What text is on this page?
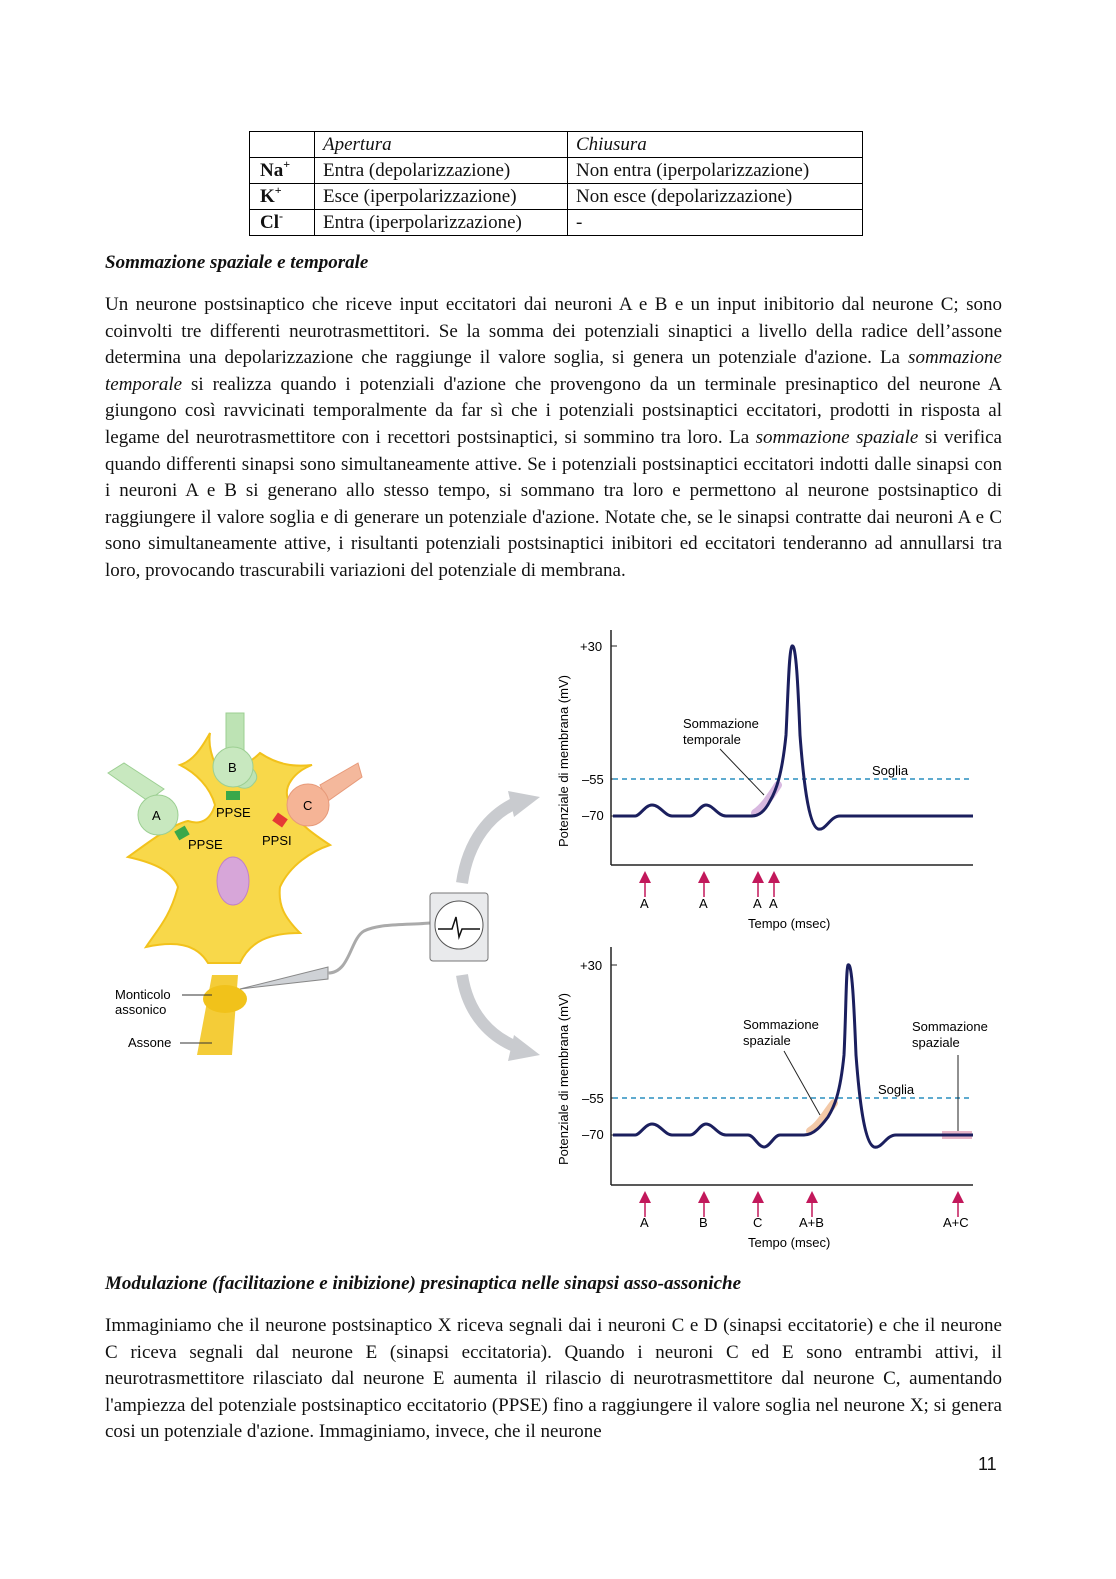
	Apertura	Chiusura
Na+	Entra (depolarizzazione)	Non entra (iperpolarizzazione)
K+	Esce (iperpolarizzazione)	Non esce (depolarizzazione)
Cl-	Entra (iperpolarizzazione)	-
Sommazione spaziale e temporale

Un neurone postsinaptico che riceve input eccitatori dai neuroni A e B e un input inibitorio dal neurone C; sono coinvolti tre differenti neurotrasmettitori. Se la somma dei potenziali sinaptici a livello della radice dell’assone determina una depolarizzazione che raggiunge il valore soglia, si genera un potenziale d'azione. La sommazione temporale si realizza quando i potenziali d'azione che provengono da un terminale presinaptico del neurone A giungono così ravvicinati temporalmente da far sì che i potenziali postsinaptici eccitatori, prodotti in risposta al legame del neurotrasmettitore con i recettori postsinaptici, si sommino tra loro. La sommazione spaziale si verifica quando differenti sinapsi sono simultaneamente attive. Se i potenziali postsinaptici eccitatori indotti dalle sinapsi con i neuroni A e B si generano allo stesso tempo, si sommano tra loro e permettono al neurone postsinaptico di raggiungere il valore soglia e di generare un potenziale d'azione. Notate che, se le sinapsi contratte dai neuroni A e C sono simultaneamente attive, i risultanti potenziali postsinaptici inibitori ed eccitatori tenderanno ad annullarsi tra loro, provocando trascurabili variazioni del potenziale di membrana.

B
A
C
PPSE
PPSE	PPSI
Monticolo
assonico
Assone
Potenziale di membrana (mV)
+30
–55
–70
Soglia
Sommazione
temporale
A	A	A A
Tempo (msec)
Potenziale di membrana (mV)
+30
–55
–70
Soglia
Sommazione
spaziale
Sommazione
spaziale
A	B	C	A+B	A+C
Tempo (msec)
Modulazione (facilitazione e inibizione) presinaptica nelle sinapsi asso-assoniche

Immaginiamo che il neurone postsinaptico X riceva segnali dai i neuroni C e D (sinapsi eccitatorie) e che il neurone C riceva segnali dal neurone E (sinapsi eccitatoria). Quando i neuroni C ed E sono entrambi attivi, il neurotrasmettitore rilasciato dal neurone E aumenta il rilascio di neurotrasmettitore dal neurone C, aumentando l'ampiezza del potenziale postsinaptico eccitatorio (PPSE) fino a raggiungere il valore soglia nel neurone X; si genera cosi un potenziale d'azione. Immaginiamo, invece, che il neurone

11
